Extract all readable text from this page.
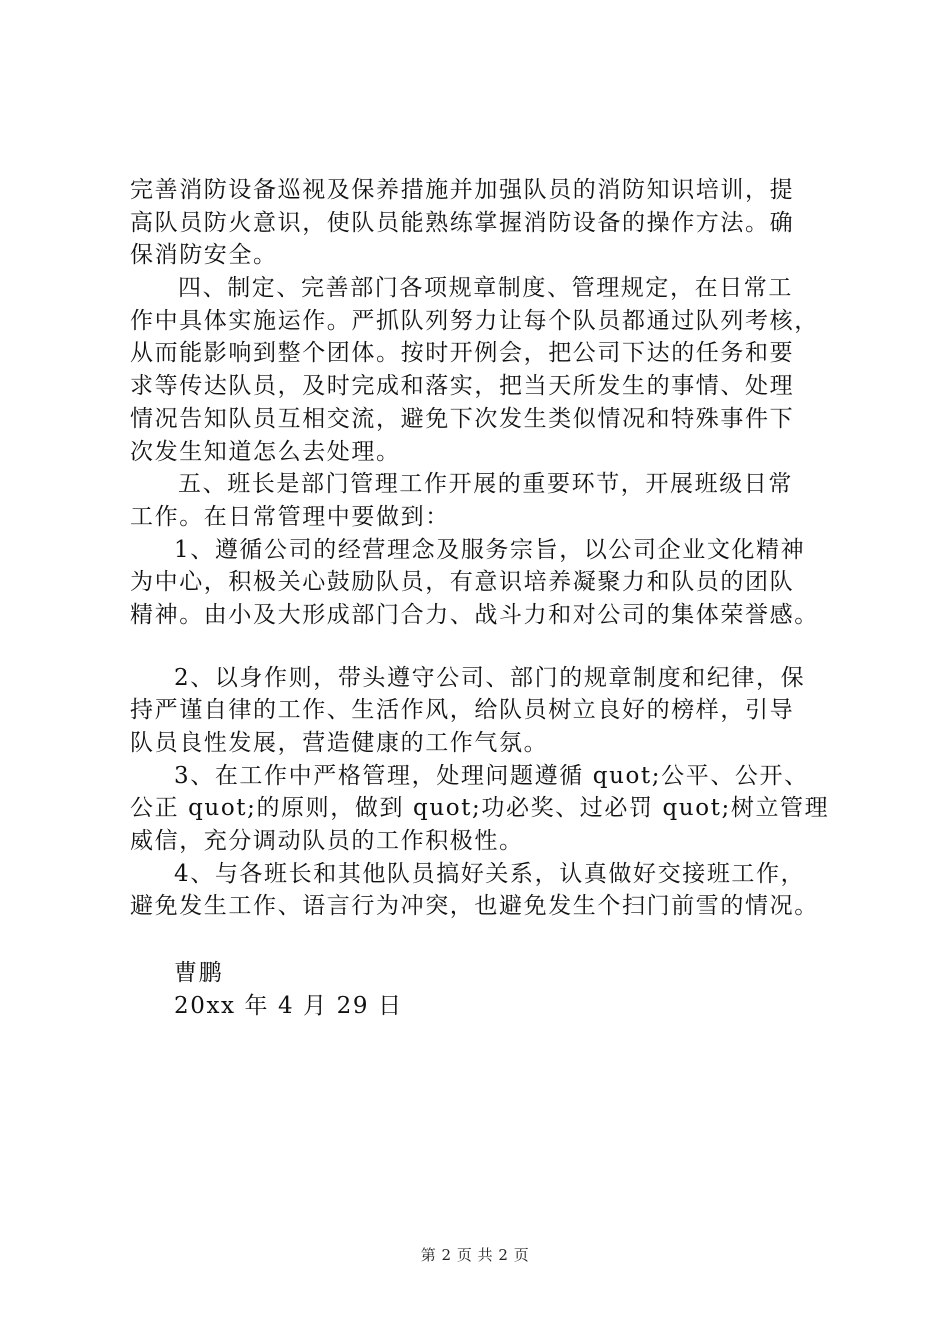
完善消防设备巡视及保养措施并加强队员的消防知识培训，提
高队员防火意识，使队员能熟练掌握消防设备的操作方法。确
保消防安全。
四、制定、完善部门各项规章制度、管理规定，在日常工
作中具体实施运作。严抓队列努力让每个队员都通过队列考核，
从而能影响到整个团体。按时开例会，把公司下达的任务和要
求等传达队员，及时完成和落实，把当天所发生的事情、处理
情况告知队员互相交流，避免下次发生类似情况和特殊事件下
次发生知道怎么去处理。
五、班长是部门管理工作开展的重要环节，开展班级日常
工作。在日常管理中要做到：
1、遵循公司的经营理念及服务宗旨，以公司企业文化精神
为中心，积极关心鼓励队员，有意识培养凝聚力和队员的团队
精神。由小及大形成部门合力、战斗力和对公司的集体荣誉感。
2、以身作则，带头遵守公司、部门的规章制度和纪律，保
持严谨自律的工作、生活作风，给队员树立良好的榜样，引导
队员良性发展，营造健康的工作气氛。
3、在工作中严格管理，处理问题遵循 quot;公平、公开、
公正 quot;的原则，做到 quot;功必奖、过必罚 quot;树立管理
威信，充分调动队员的工作积极性。
4、与各班长和其他队员搞好关系，认真做好交接班工作，
避免发生工作、语言行为冲突，也避免发生个扫门前雪的情况。
曹鹏
20xx 年 4 月 29 日
第 2 页 共 2 页
